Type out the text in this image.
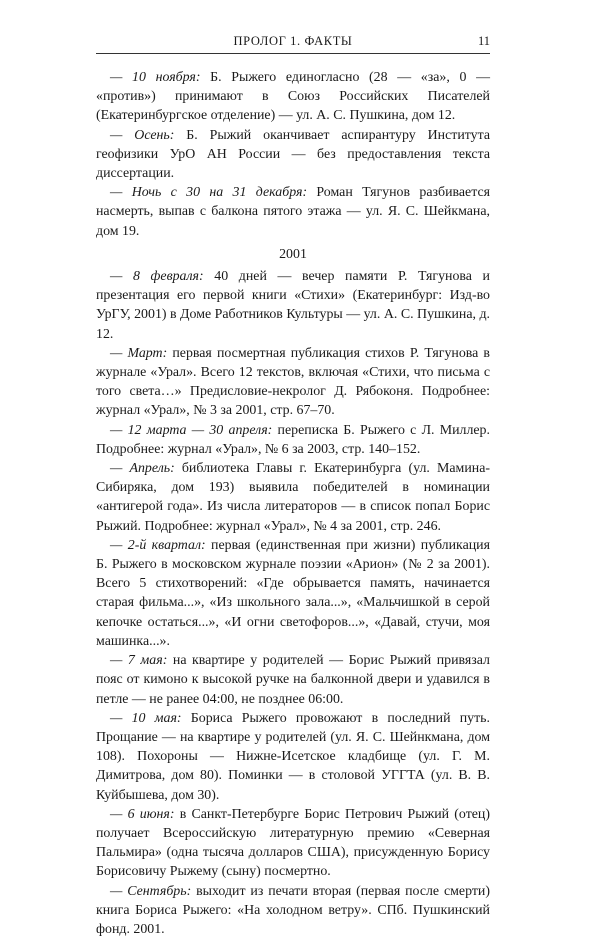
ПРОЛОГ 1. ФАКТЫ	11

— 10 ноября: Б. Рыжего единогласно (28 — «за», 0 — «против») принимают в Союз Российских Писателей (Екатеринбургское отделение) — ул. А. С. Пушкина, дом 12.

— Осень: Б. Рыжий оканчивает аспирантуру Института геофизики УрО АН России — без предоставления текста диссертации.

— Ночь с 30 на 31 декабря: Роман Тягунов разбивается насмерть, выпав с балкона пятого этажа — ул. Я. С. Шейкмана, дом 19.

2001

— 8 февраля: 40 дней — вечер памяти Р. Тягунова и презентация его первой книги «Стихи» (Екатеринбург: Изд-во УрГУ, 2001) в Доме Работников Культуры — ул. А. С. Пушкина, д. 12.

— Март: первая посмертная публикация стихов Р. Тягунова в журнале «Урал». Всего 12 текстов, включая «Стихи, что письма с того света…» Предисловие-некролог Д. Рябоконя. Подробнее: журнал «Урал», № 3 за 2001, стр. 67–70.

— 12 марта — 30 апреля: переписка Б. Рыжего с Л. Миллер. Подробнее: журнал «Урал», № 6 за 2003, стр. 140–152.

— Апрель: библиотека Главы г. Екатеринбурга (ул. Мамина-Сибиряка, дом 193) выявила победителей в номинации «антигерой года». Из числа литераторов — в список попал Борис Рыжий. Подробнее: журнал «Урал», № 4 за 2001, стр. 246.

— 2-й квартал: первая (единственная при жизни) публикация Б. Рыжего в московском журнале поэзии «Арион» (№ 2 за 2001). Всего 5 стихотворений: «Где обрывается память, начинается старая фильма...», «Из школьного зала...», «Мальчишкой в серой кепочке остаться...», «И огни светофоров...», «Давай, стучи, моя машинка...».

— 7 мая: на квартире у родителей — Борис Рыжий привязал пояс от кимоно к высокой ручке на балконной двери и удавился в петле — не ранее 04:00, не позднее 06:00.

— 10 мая: Бориса Рыжего провожают в последний путь. Прощание — на квартире у родителей (ул. Я. С. Шейнкмана, дом 108). Похороны — Нижне-Исетское кладбище (ул. Г. М. Димитрова, дом 80). Поминки — в столовой УГГТА (ул. В. В. Куйбышева, дом 30).

— 6 июня: в Санкт-Петербурге Борис Петрович Рыжий (отец) получает Всероссийскую литературную премию «Северная Пальмира» (одна тысяча долларов США), присужденную Борису Борисовичу Рыжему (сыну) посмертно.

— Сентябрь: выходит из печати вторая (первая после смерти) книга Бориса Рыжего: «На холодном ветру». СПб. Пушкинский фонд. 2001.
